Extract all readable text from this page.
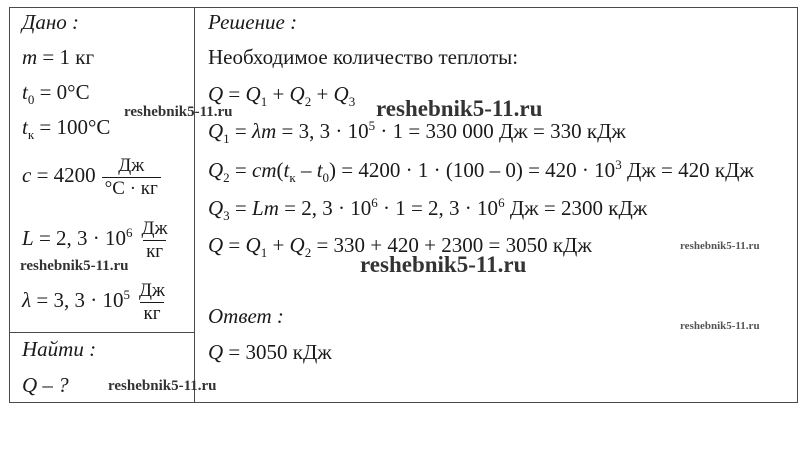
Дано :
m = 1 кг
$t_0 = 0^\circ C$
$t_к = 100^\circ C$
$c = 4200 \frac{Дж}{^\circ C \cdot кг}$
L = 2, $3 \cdot 10^6 \frac{Дж}{кг}$
λ = 3, $3 \cdot 10^5 \frac{Дж}{кг}$
Найти :
Q – ?
Решение :
Необходимое количество теплоты:
$Q = Q_1 + Q_2 + Q_3$
$Q_1 = \lambda m = 3$, $3 \cdot 10^5 \cdot 1 = 330$ 000 Дж = 330 кДж
$Q_2 = cm(t_к - t_0) = 4200 \cdot 1 \cdot (100 - 0) = 420 \cdot 10^3$ Дж = 420 кДж
$Q_3 = Lm = 2$, $3 \cdot 10^6 \cdot 1 = 2$, $3 \cdot 10^6$ Дж = 2300 кДж
$Q = Q_1 + Q_2 = 330 + 420 + 2300 = 3050$ кДж
Ответ :
Q = 3050 кДж
reshebnik5-11.ru
reshebnik5-11.ru
reshebnik5-11.ru
reshebnik5-11.ru
reshebnik5-11.ru
reshebnik5-11.ru
reshebnik5-11.ru
